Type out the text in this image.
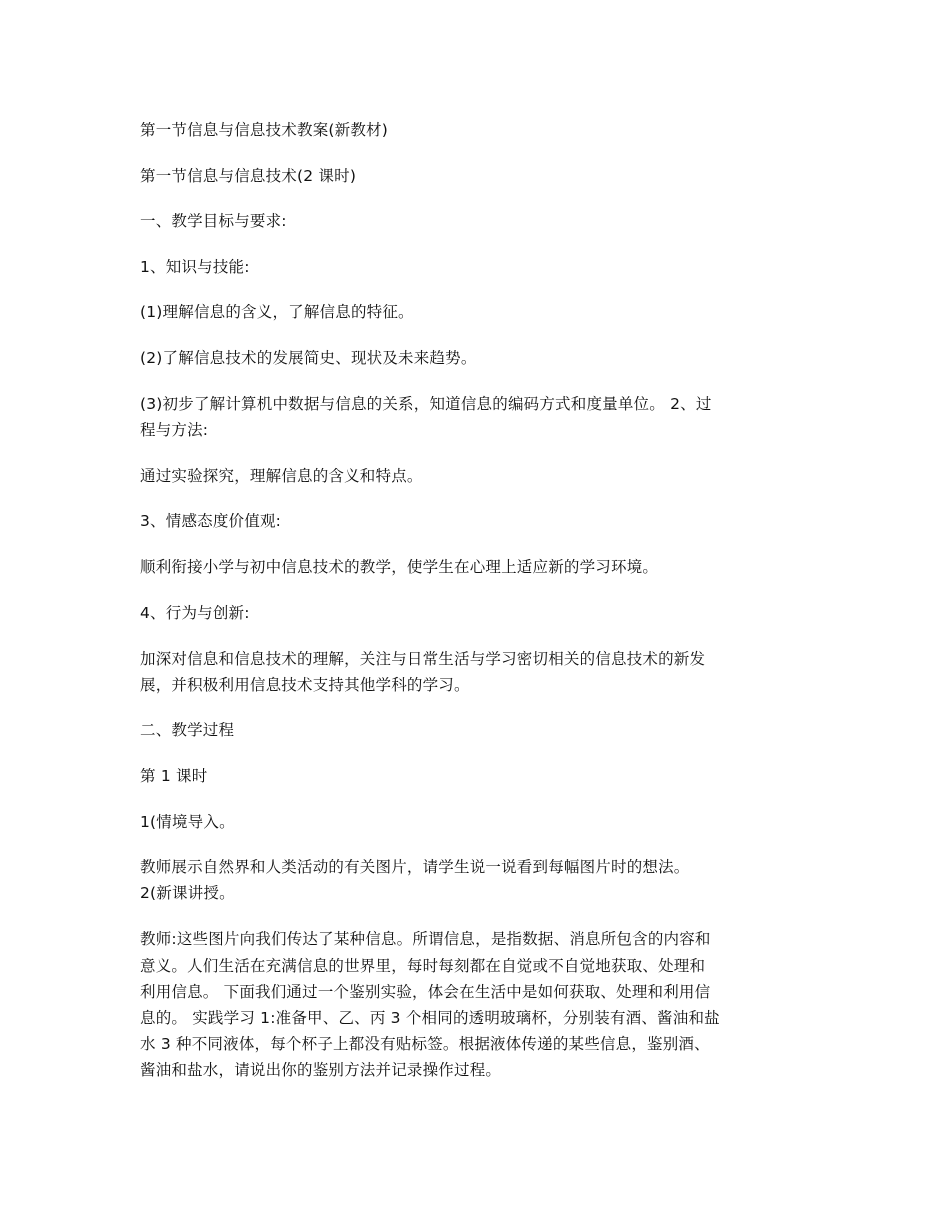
第一节信息与信息技术教案(新教材)
第一节信息与信息技术(2 课时)
一、教学目标与要求:
1、知识与技能:
(1)理解信息的含义，了解信息的特征。
(2)了解信息技术的发展简史、现状及未来趋势。
(3)初步了解计算机中数据与信息的关系，知道信息的编码方式和度量单位。 2、过
程与方法:
通过实验探究，理解信息的含义和特点。
3、情感态度价值观:
顺利衔接小学与初中信息技术的教学，使学生在心理上适应新的学习环境。
4、行为与创新:
加深对信息和信息技术的理解，关注与日常生活与学习密切相关的信息技术的新发
展，并积极利用信息技术支持其他学科的学习。
二、教学过程
第 1 课时
1(情境导入。
教师展示自然界和人类活动的有关图片，请学生说一说看到每幅图片时的想法。
2(新课讲授。
教师:这些图片向我们传达了某种信息。所谓信息，是指数据、消息所包含的内容和
意义。人们生活在充满信息的世界里，每时每刻都在自觉或不自觉地获取、处理和
利用信息。 下面我们通过一个鉴别实验，体会在生活中是如何获取、处理和利用信
息的。 实践学习 1:准备甲、乙、丙 3 个相同的透明玻璃杯，分别装有酒、酱油和盐
水 3 种不同液体，每个杯子上都没有贴标签。根据液体传递的某些信息，鉴别酒、
酱油和盐水，请说出你的鉴别方法并记录操作过程。
